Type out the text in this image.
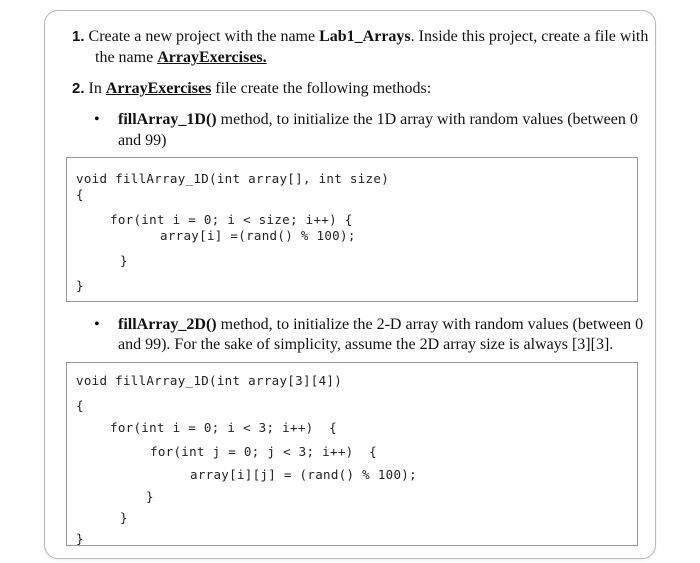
1. Create a new project with the name Lab1_Arrays. Inside this project, create a file with
the name ArrayExercises.
2. In ArrayExercises file create the following methods:
• fillArray_1D() method, to initialize the 1D array with random values (between 0
and 99)
void fillArray_1D(int array[], int size)
{
for(int i = 0; i < size; i++) {
array[i] =(rand() % 100);
}
}
• fillArray_2D() method, to initialize the 2-D array with random values (between 0
and 99). For the sake of simplicity, assume the 2D array size is always [3][3].
void fillArray_1D(int array[3][4])
{
for(int i = 0; i < 3; i++)  {
for(int j = 0; j < 3; i++)  {
array[i][j] = (rand() % 100);
}
}
}
